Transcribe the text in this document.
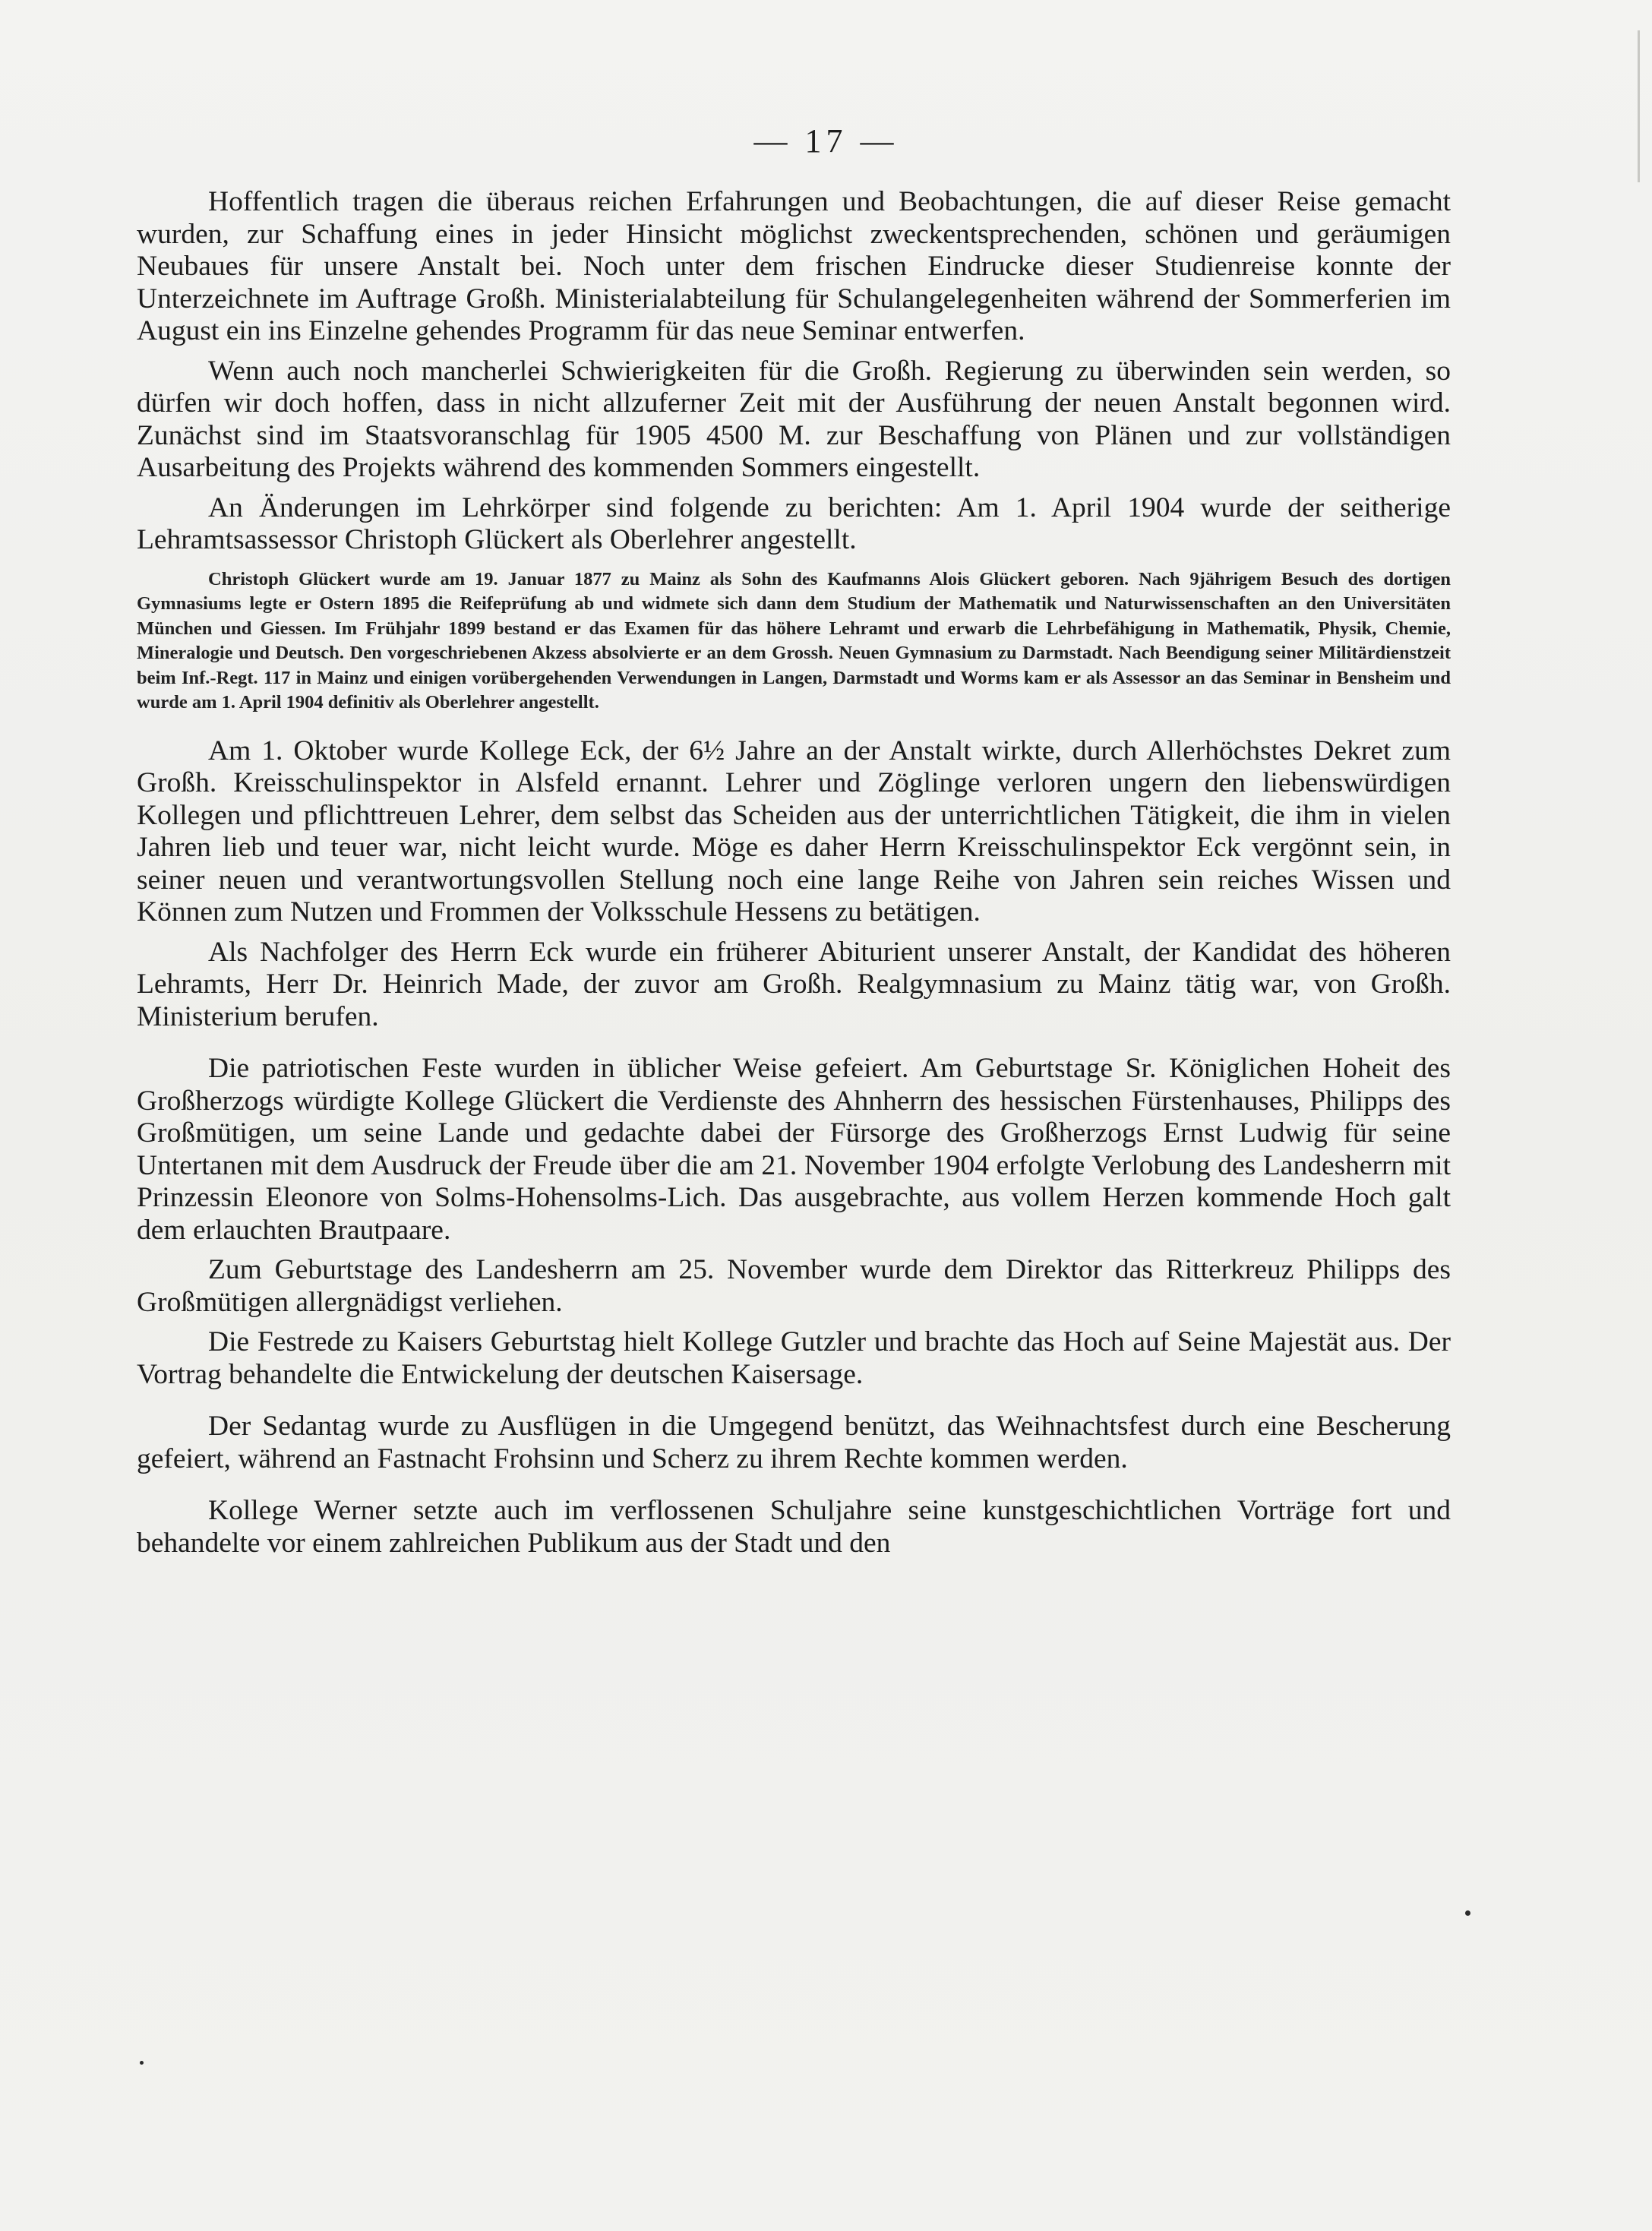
— 17 —

Hoffentlich tragen die überaus reichen Erfahrungen und Beobachtungen, die auf dieser Reise gemacht wurden, zur Schaffung eines in jeder Hinsicht möglichst zweckentsprechenden, schönen und geräumigen Neubaues für unsere Anstalt bei. Noch unter dem frischen Eindrucke dieser Studienreise konnte der Unterzeichnete im Auftrage Großh. Ministerialabteilung für Schulangelegenheiten während der Sommerferien im August ein ins Einzelne gehendes Programm für das neue Seminar entwerfen.

Wenn auch noch mancherlei Schwierigkeiten für die Großh. Regierung zu überwinden sein werden, so dürfen wir doch hoffen, dass in nicht allzuferner Zeit mit der Ausführung der neuen Anstalt begonnen wird. Zunächst sind im Staatsvoranschlag für 1905 4500 M. zur Beschaffung von Plänen und zur vollständigen Ausarbeitung des Projekts während des kommenden Sommers eingestellt.

An Änderungen im Lehrkörper sind folgende zu berichten: Am 1. April 1904 wurde der seitherige Lehramtsassessor Christoph Glückert als Oberlehrer angestellt.

Christoph Glückert wurde am 19. Januar 1877 zu Mainz als Sohn des Kaufmanns Alois Glückert geboren. Nach 9jährigem Besuch des dortigen Gymnasiums legte er Ostern 1895 die Reifeprüfung ab und widmete sich dann dem Studium der Mathematik und Naturwissenschaften an den Universitäten München und Giessen. Im Frühjahr 1899 bestand er das Examen für das höhere Lehramt und erwarb die Lehrbefähigung in Mathematik, Physik, Chemie, Mineralogie und Deutsch. Den vorgeschriebenen Akzess absolvierte er an dem Grossh. Neuen Gymnasium zu Darmstadt. Nach Beendigung seiner Militärdienstzeit beim Inf.-Regt. 117 in Mainz und einigen vorübergehenden Verwendungen in Langen, Darmstadt und Worms kam er als Assessor an das Seminar in Bensheim und wurde am 1. April 1904 definitiv als Oberlehrer angestellt.

Am 1. Oktober wurde Kollege Eck, der 6½ Jahre an der Anstalt wirkte, durch Allerhöchstes Dekret zum Großh. Kreisschulinspektor in Alsfeld ernannt. Lehrer und Zöglinge verloren ungern den liebenswürdigen Kollegen und pflichttreuen Lehrer, dem selbst das Scheiden aus der unterrichtlichen Tätigkeit, die ihm in vielen Jahren lieb und teuer war, nicht leicht wurde. Möge es daher Herrn Kreisschulinspektor Eck vergönnt sein, in seiner neuen und verantwortungsvollen Stellung noch eine lange Reihe von Jahren sein reiches Wissen und Können zum Nutzen und Frommen der Volksschule Hessens zu betätigen.

Als Nachfolger des Herrn Eck wurde ein früherer Abiturient unserer Anstalt, der Kandidat des höheren Lehramts, Herr Dr. Heinrich Made, der zuvor am Großh. Realgymnasium zu Mainz tätig war, von Großh. Ministerium berufen.

Die patriotischen Feste wurden in üblicher Weise gefeiert. Am Geburtstage Sr. Königlichen Hoheit des Großherzogs würdigte Kollege Glückert die Verdienste des Ahnherrn des hessischen Fürstenhauses, Philipps des Großmütigen, um seine Lande und gedachte dabei der Fürsorge des Großherzogs Ernst Ludwig für seine Untertanen mit dem Ausdruck der Freude über die am 21. November 1904 erfolgte Verlobung des Landesherrn mit Prinzessin Eleonore von Solms-Hohensolms-Lich. Das ausgebrachte, aus vollem Herzen kommende Hoch galt dem erlauchten Brautpaare.

Zum Geburtstage des Landesherrn am 25. November wurde dem Direktor das Ritterkreuz Philipps des Großmütigen allergnädigst verliehen.

Die Festrede zu Kaisers Geburtstag hielt Kollege Gutzler und brachte das Hoch auf Seine Majestät aus. Der Vortrag behandelte die Entwickelung der deutschen Kaisersage.

Der Sedantag wurde zu Ausflügen in die Umgegend benützt, das Weihnachtsfest durch eine Bescherung gefeiert, während an Fastnacht Frohsinn und Scherz zu ihrem Rechte kommen werden.

Kollege Werner setzte auch im verflossenen Schuljahre seine kunstgeschichtlichen Vorträge fort und behandelte vor einem zahlreichen Publikum aus der Stadt und den
